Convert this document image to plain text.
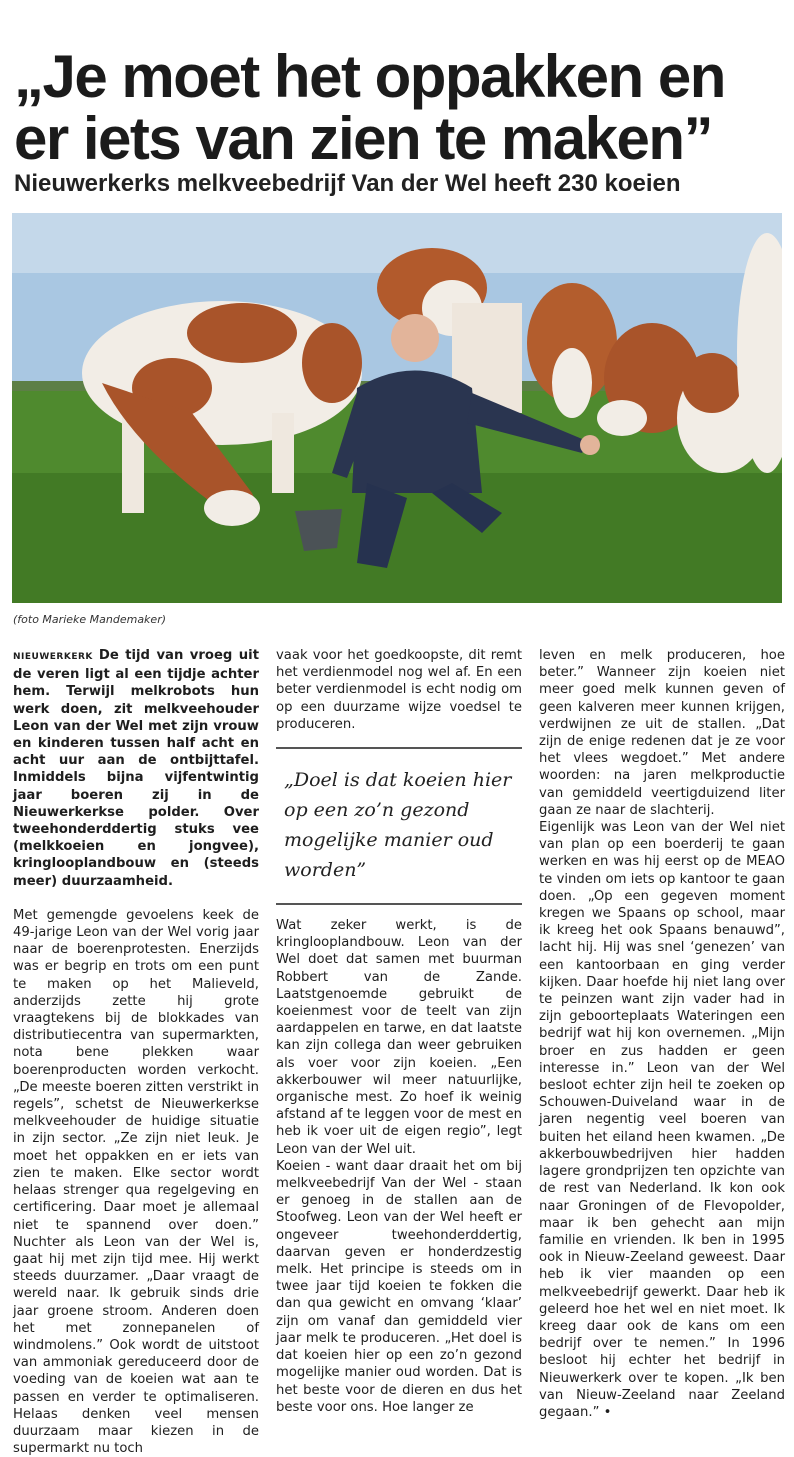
„Je moet het oppakken en er iets van zien te maken”
Nieuwerkerks melkveebedrijf Van der Wel heeft 230 koeien
(foto Marieke Mandemaker)

NIEUWERKERK De tijd van vroeg uit de veren ligt al een tijdje achter hem. Terwijl melkrobots hun werk doen, zit melkveehouder Leon van der Wel met zijn vrouw en kinderen tussen half acht en acht uur aan de ontbijttafel. Inmiddels bijna vijfentwintig jaar boeren zij in de Nieuwerkerkse polder. Over tweehonderddertig stuks vee (melkkoeien en jongvee), kringlooplandbouw en (steeds meer) duurzaamheid.

Met gemengde gevoelens keek de 49-jarige Leon van der Wel vorig jaar naar de boerenprotesten. Enerzijds was er begrip en trots om een punt te maken op het Malieveld, anderzijds zette hij grote vraagtekens bij de blokkades van distributiecentra van supermarkten, nota bene plekken waar boerenproducten worden verkocht. „De meeste boeren zitten verstrikt in regels”, schetst de Nieuwerkerkse melkveehouder de huidige situatie in zijn sector. „Ze zijn niet leuk. Je moet het oppakken en er iets van zien te maken. Elke sector wordt helaas strenger qua regelgeving en certificering. Daar moet je allemaal niet te spannend over doen.” Nuchter als Leon van der Wel is, gaat hij met zijn tijd mee. Hij werkt steeds duurzamer. „Daar vraagt de wereld naar. Ik gebruik sinds drie jaar groene stroom. Anderen doen het met zonnepanelen of windmolens.” Ook wordt de uitstoot van ammoniak gereduceerd door de voeding van de koeien wat aan te passen en verder te optimaliseren. Helaas denken veel mensen duurzaam maar kiezen in de supermarkt nu toch

vaak voor het goedkoopste, dit remt het verdienmodel nog wel af. En een beter verdienmodel is echt nodig om op een duurzame wijze voedsel te produceren.

„Doel is dat koeien hier op een zo’n gezond mogelijke manier oud worden”

Wat zeker werkt, is de kringlooplandbouw. Leon van der Wel doet dat samen met buurman Robbert van de Zande. Laatstgenoemde gebruikt de koeienmest voor de teelt van zijn aardappelen en tarwe, en dat laatste kan zijn collega dan weer gebruiken als voer voor zijn koeien. „Een akkerbouwer wil meer natuurlijke, organische mest. Zo hoef ik weinig afstand af te leggen voor de mest en heb ik voer uit de eigen regio”, legt Leon van der Wel uit.

Koeien - want daar draait het om bij melkveebedrijf Van der Wel - staan er genoeg in de stallen aan de Stoofweg. Leon van der Wel heeft er ongeveer tweehonderddertig, daarvan geven er honderdzestig melk. Het principe is steeds om in twee jaar tijd koeien te fokken die dan qua gewicht en omvang ‘klaar’ zijn om vanaf dan gemiddeld vier jaar melk te produceren. „Het doel is dat koeien hier op een zo’n gezond mogelijke manier oud worden. Dat is het beste voor de dieren en dus het beste voor ons. Hoe langer ze

leven en melk produceren, hoe beter.” Wanneer zijn koeien niet meer goed melk kunnen geven of geen kalveren meer kunnen krijgen, verdwijnen ze uit de stallen. „Dat zijn de enige redenen dat je ze voor het vlees wegdoet.” Met andere woorden: na jaren melkproductie van gemiddeld veertigduizend liter gaan ze naar de slachterij.

Eigenlijk was Leon van der Wel niet van plan op een boerderij te gaan werken en was hij eerst op de MEAO te vinden om iets op kantoor te gaan doen. „Op een gegeven moment kregen we Spaans op school, maar ik kreeg het ook Spaans benauwd”, lacht hij. Hij was snel ‘genezen’ van een kantoorbaan en ging verder kijken. Daar hoefde hij niet lang over te peinzen want zijn vader had in zijn geboorteplaats Wateringen een bedrijf wat hij kon overnemen. „Mijn broer en zus hadden er geen interesse in.” Leon van der Wel besloot echter zijn heil te zoeken op Schouwen-Duiveland waar in de jaren negentig veel boeren van buiten het eiland heen kwamen. „De akkerbouwbedrijven hier hadden lagere grondprijzen ten opzichte van de rest van Nederland. Ik kon ook naar Groningen of de Flevopolder, maar ik ben gehecht aan mijn familie en vrienden. Ik ben in 1995 ook in Nieuw-Zeeland geweest. Daar heb ik vier maanden op een melkveebedrijf gewerkt. Daar heb ik geleerd hoe het wel en niet moet. Ik kreeg daar ook de kans om een bedrijf over te nemen.” In 1996 besloot hij echter het bedrijf in Nieuwerkerk over te kopen. „Ik ben van Nieuw-Zeeland naar Zeeland gegaan.” •
